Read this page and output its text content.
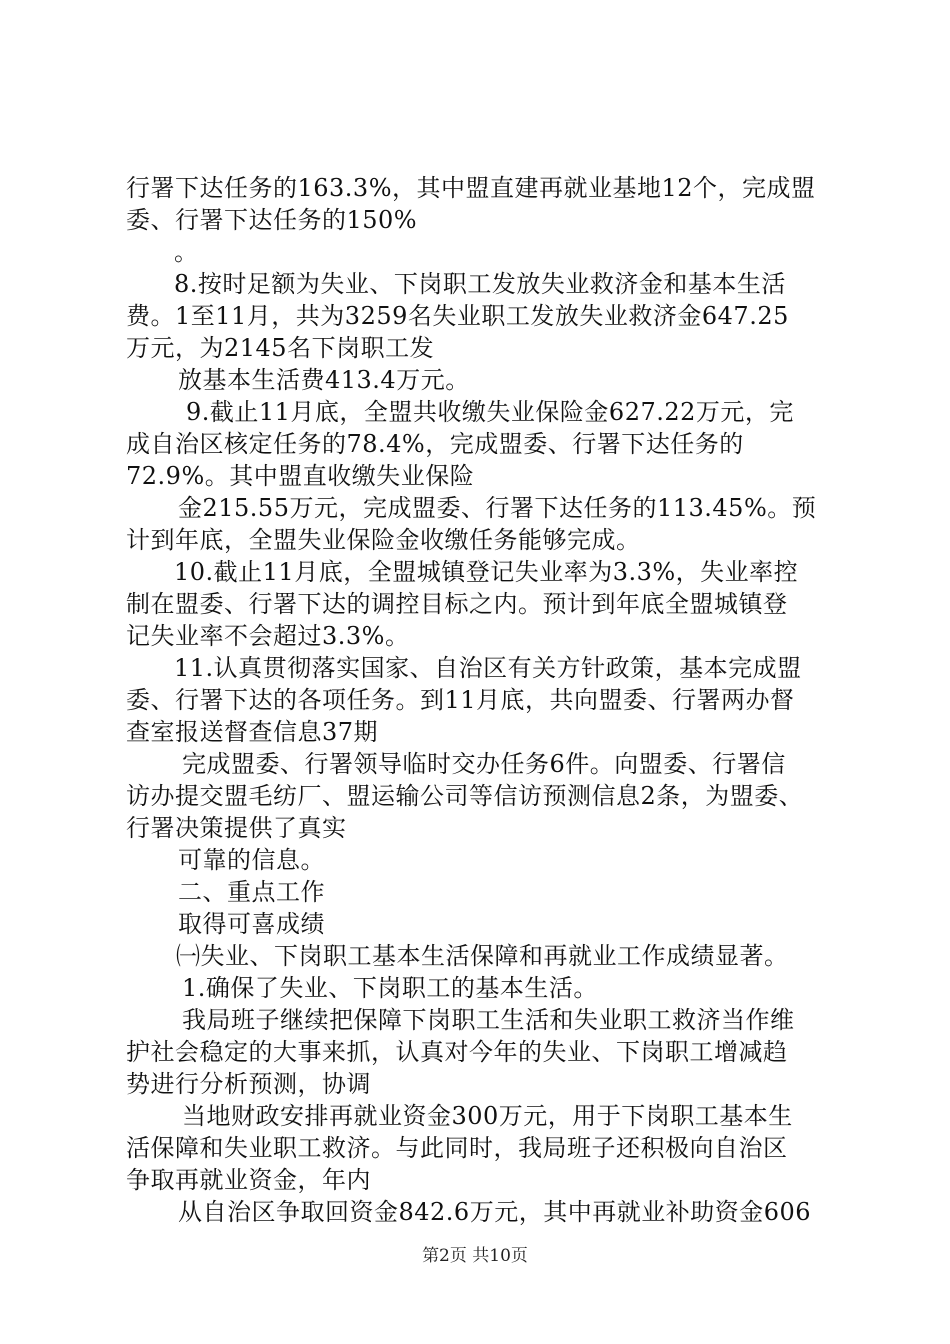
行署下达任务的163.3%，其中盟直建再就业基地12个，完成盟
委、行署下达任务的150%
。
8.按时足额为失业、下岗职工发放失业救济金和基本生活
费。1至11月，共为3259名失业职工发放失业救济金647.25
万元，为2145名下岗职工发
放基本生活费413.4万元。
9.截止11月底，全盟共收缴失业保险金627.22万元，完
成自治区核定任务的78.4%，完成盟委、行署下达任务的
72.9%。其中盟直收缴失业保险
金215.55万元，完成盟委、行署下达任务的113.45%。预
计到年底，全盟失业保险金收缴任务能够完成。
10.截止11月底，全盟城镇登记失业率为3.3%，失业率控
制在盟委、行署下达的调控目标之内。预计到年底全盟城镇登
记失业率不会超过3.3%。
11.认真贯彻落实国家、自治区有关方针政策，基本完成盟
委、行署下达的各项任务。到11月底，共向盟委、行署两办督
查室报送督查信息37期
完成盟委、行署领导临时交办任务6件。向盟委、行署信
访办提交盟毛纺厂、盟运输公司等信访预测信息2条，为盟委、
行署决策提供了真实
可靠的信息。
二、重点工作
取得可喜成绩
㈠失业、下岗职工基本生活保障和再就业工作成绩显著。
1.确保了失业、下岗职工的基本生活。
我局班子继续把保障下岗职工生活和失业职工救济当作维
护社会稳定的大事来抓，认真对今年的失业、下岗职工增减趋
势进行分析预测，协调
当地财政安排再就业资金300万元，用于下岗职工基本生
活保障和失业职工救济。与此同时，我局班子还积极向自治区
争取再就业资金，年内
从自治区争取回资金842.6万元，其中再就业补助资金606
第2页 共10页
